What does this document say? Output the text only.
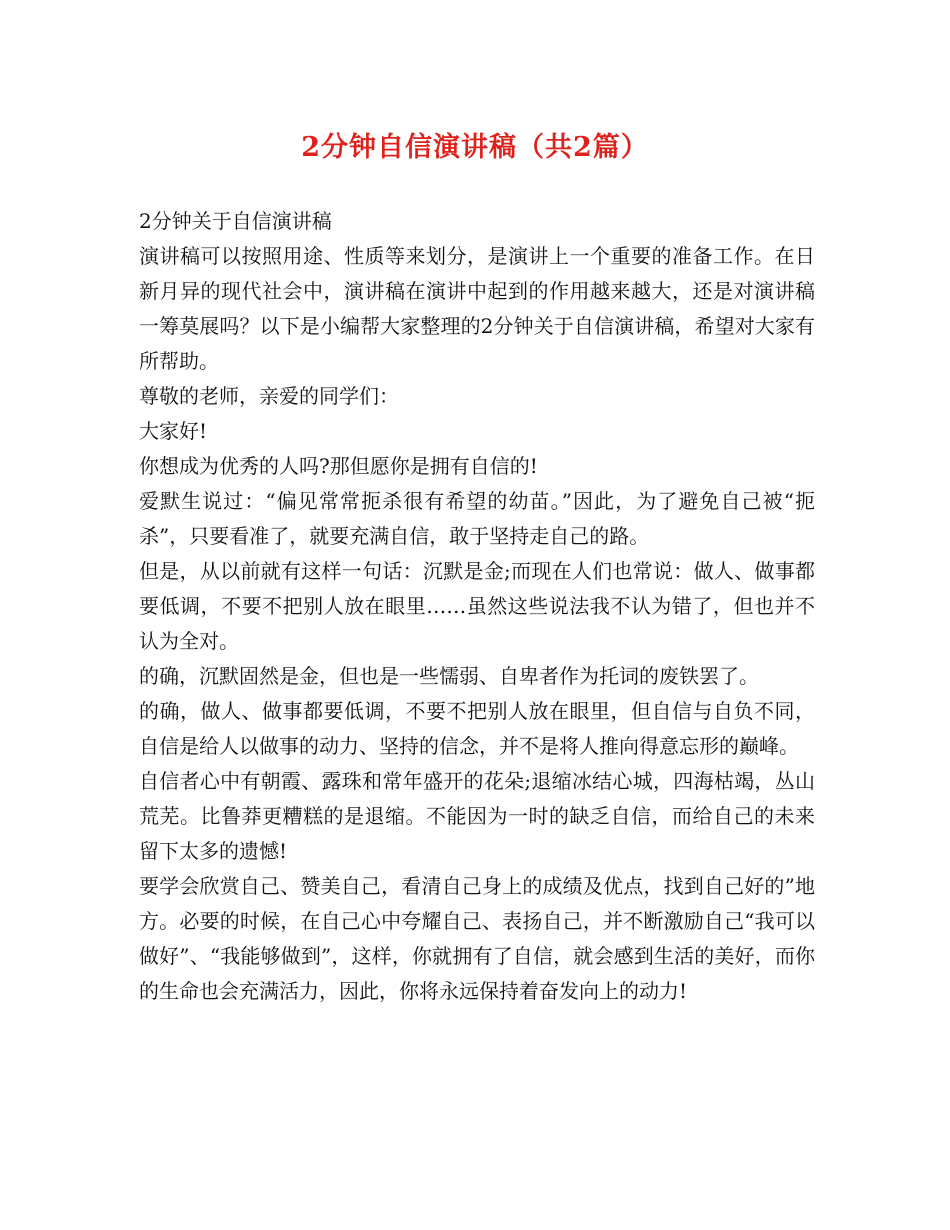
2分钟自信演讲稿（共2篇）

2分钟关于自信演讲稿

演讲稿可以按照用途、性质等来划分，是演讲上一个重要的准备工作。在日新月异的现代社会中，演讲稿在演讲中起到的作用越来越大，还是对演讲稿一筹莫展吗？以下是小编帮大家整理的2分钟关于自信演讲稿，希望对大家有所帮助。

尊敬的老师，亲爱的同学们：

大家好!

你想成为优秀的人吗?那但愿你是拥有自信的!

爱默生说过：“偏见常常扼杀很有希望的幼苗。”因此，为了避免自己被“扼杀”，只要看准了，就要充满自信，敢于坚持走自己的路。

但是，从以前就有这样一句话：沉默是金;而现在人们也常说：做人、做事都要低调，不要不把别人放在眼里……虽然这些说法我不认为错了，但也并不认为全对。

的确，沉默固然是金，但也是一些懦弱、自卑者作为托词的废铁罢了。

的确，做人、做事都要低调，不要不把别人放在眼里，但自信与自负不同，自信是给人以做事的动力、坚持的信念，并不是将人推向得意忘形的巅峰。

自信者心中有朝霞、露珠和常年盛开的花朵;退缩冰结心城，四海枯竭，丛山荒芜。比鲁莽更糟糕的是退缩。不能因为一时的缺乏自信，而给自己的未来留下太多的遗憾!

要学会欣赏自己、赞美自己，看清自己身上的成绩及优点，找到自己好的”地方。必要的时候，在自己心中夸耀自己、表扬自己，并不断激励自己“我可以做好”、“我能够做到”，这样，你就拥有了自信，就会感到生活的美好，而你的生命也会充满活力，因此，你将永远保持着奋发向上的动力!
